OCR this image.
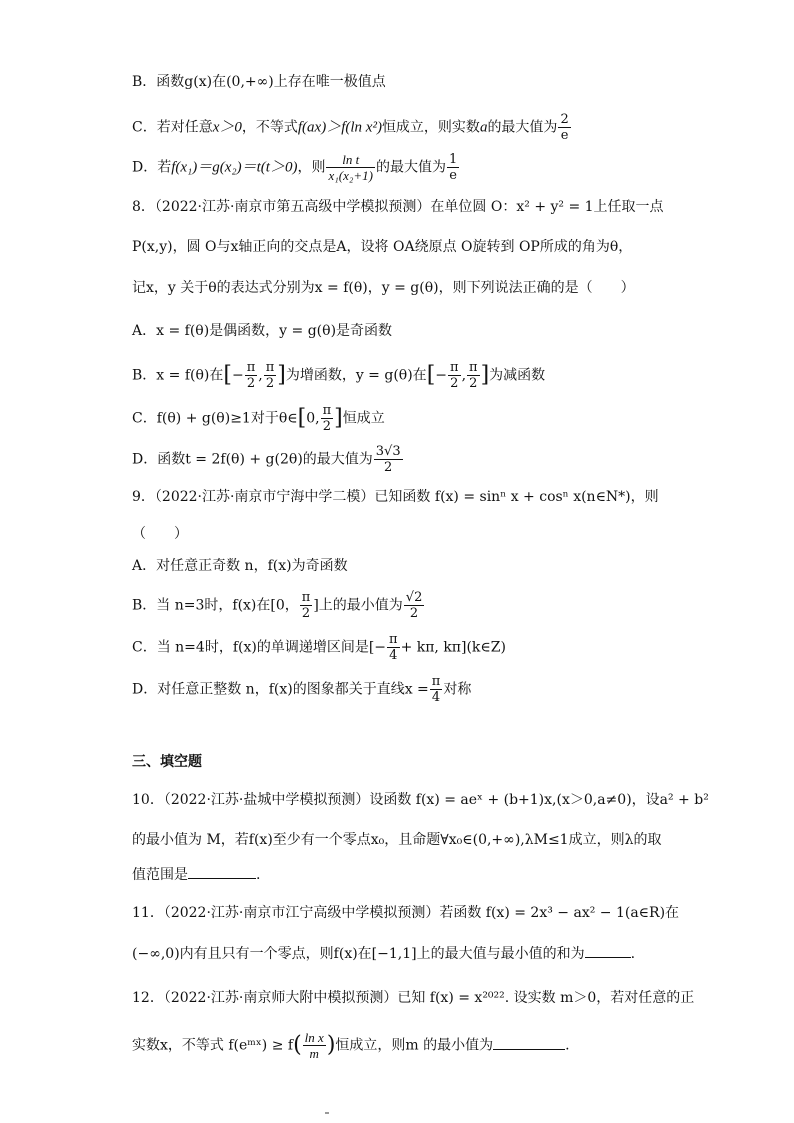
B．函数g(x)在(0,+∞)上存在唯一极值点
C．若对任意x＞0，不等式f(ax)＞f(ln x²)恒成立，则实数a的最大值为 $\frac{2}{e}$
D．若f(x₁)＝g(x₂)＝t(t＞0)，则 $\frac{\text{ln t}}{\text{x₁(x₂+1)}}$ 的最大值为 $\frac{1}{e}$
8．（2022·江苏·南京市第五高级中学模拟预测）在单位圆 O：x² + y² = 1上任取一点
P(x,y)，圆 O与x轴正向的交点是A，设将 OA绕原点 O旋转到 OP所成的角为θ，
记x，y 关于θ的表达式分别为x = f(θ)，y = g(θ)，则下列说法正确的是（　　）
A．x = f(θ)是偶函数，y = g(θ)是奇函数
B．x = f(θ)在[− $\frac{\pi}{2}$ , $\frac{\pi}{2}$ ]为增函数，y = g(θ)在[− $\frac{\pi}{2}$ , $\frac{\pi}{2}$ ]为减函数
C．f(θ) + g(θ)≥1对于θ∈[0, $\frac{\pi}{2}$ ]恒成立
D．函数t = 2f(θ) + g(2θ)的最大值为 $\frac{3√3}{2}$
9．（2022·江苏·南京市宁海中学二模）已知函数 f(x) = sinⁿ x + cosⁿ x(n∈N*)，则
（　　）
A．对任意正奇数 n，f(x)为奇函数
B．当 n=3时，f(x)在[0， $\frac{\pi}{2}$ ]上的最小值为 $\frac{√2}{2}$
C．当 n=4时，f(x)的单调递增区间是[− $\frac{\pi}{4} + k\pi$, kπ](k∈Z)
D．对任意正整数 n，f(x)的图象都关于直线$x = \frac{\pi}{4}$ 对称
三、填空题
10．（2022·江苏·盐城中学模拟预测）设函数 f(x) = aeˣ + (b+1)x,(x＞0,a≠0)，设a² + b²
的最小值为 M，若f(x)至少有一个零点x₀，且命题∀x₀∈(0,+∞),λM≤1成立，则λ的取
值范围是	.
11．（2022·江苏·南京市江宁高级中学模拟预测）若函数 f(x) = 2x³ − ax² − 1(a∈R)在
(−∞,0)内有且只有一个零点，则f(x)在[−1,1]上的最大值与最小值的和为	.
12．（2022·江苏·南京师大附中模拟预测）已知 f(x) = x²⁰²². 设实数 m＞0，若对任意的正
实数x，不等式 f(eᵐˣ) ≥ $f( \frac{\text{ln x}}{m}$ )恒成立，则m 的最小值为	.
